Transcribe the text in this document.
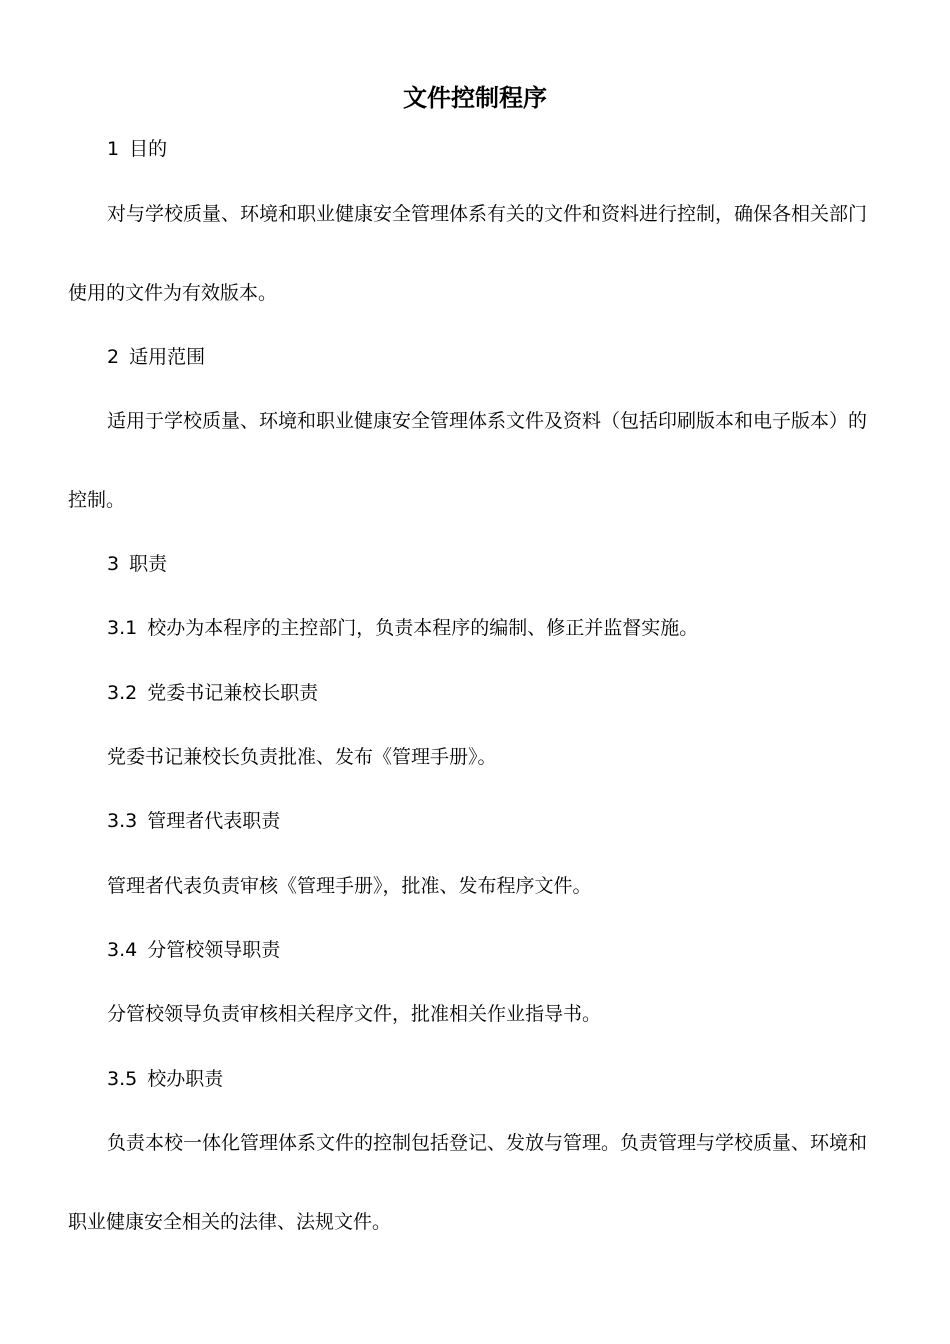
文件控制程序
1 目的
对与学校质量、环境和职业健康安全管理体系有关的文件和资料进行控制，确保各相关部门
使用的文件为有效版本。
2 适用范围
适用于学校质量、环境和职业健康安全管理体系文件及资料（包括印刷版本和电子版本）的
控制。
3 职责
3.1 校办为本程序的主控部门，负责本程序的编制、修正并监督实施。
3.2 党委书记兼校长职责
党委书记兼校长负责批准、发布《管理手册》。
3.3 管理者代表职责
管理者代表负责审核《管理手册》，批准、发布程序文件。
3.4 分管校领导职责
分管校领导负责审核相关程序文件，批准相关作业指导书。
3.5 校办职责
负责本校一体化管理体系文件的控制包括登记、发放与管理。负责管理与学校质量、环境和
职业健康安全相关的法律、法规文件。
